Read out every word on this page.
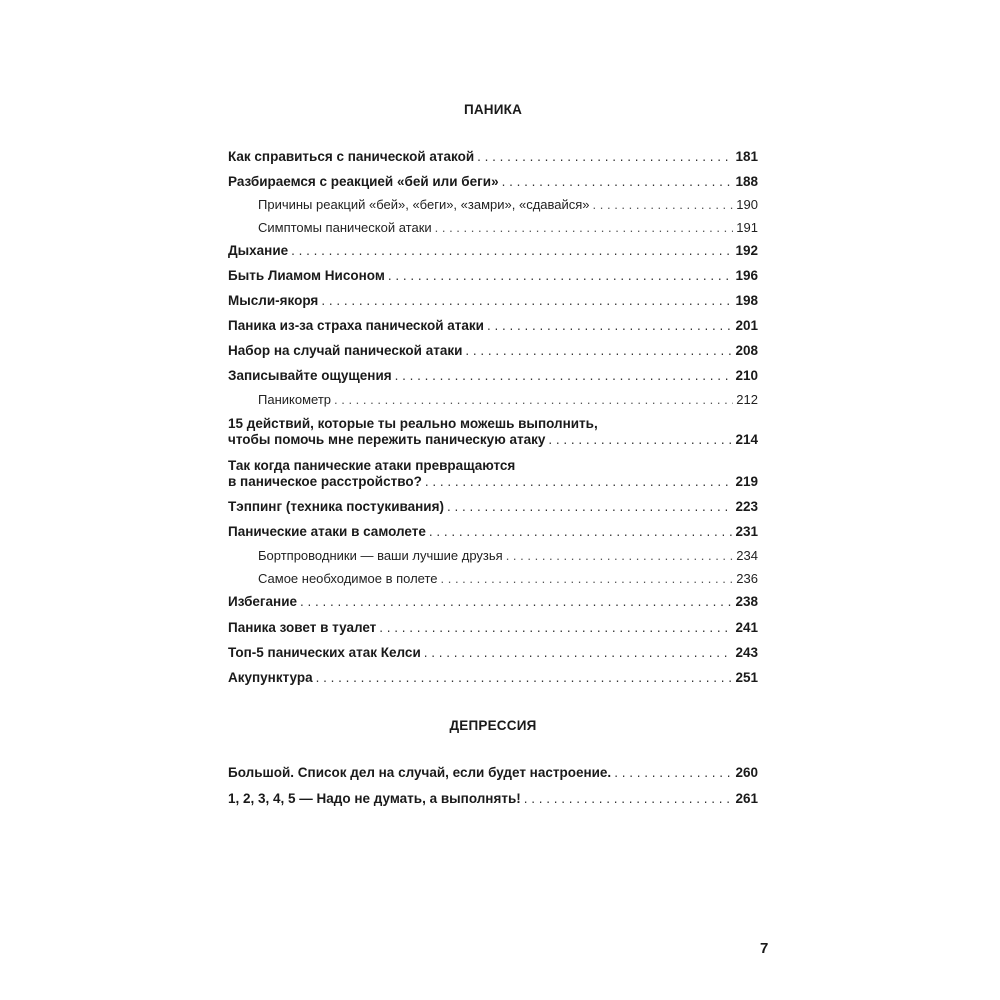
ПАНИКА
Как справиться с панической атакой . . .	181
Разбираемся с реакцией «бей или беги» . . .	188
Причины реакций «бей», «беги», «замри», «сдавайся» . . .	190
Симптомы панической атаки . . .	191
Дыхание . . .	192
Быть Лиамом Нисоном . . .	196
Мысли-якоря . . .	198
Паника из-за страха панической атаки . . .	201
Набор на случай панической атаки . . .	208
Записывайте ощущения . . .	210
Паникометр . . .	212
15 действий, которые ты реально можешь выполнить,
чтобы помочь мне пережить паническую атаку . . .	214
Так когда панические атаки превращаются
в паническое расстройство? . . .	219
Тэппинг (техника постукивания) . . .	223
Панические атаки в самолете . . .	231
Бортпроводники — ваши лучшие друзья . . .	234
Самое необходимое в полете . . .	236
Избегание . . .	238
Паника зовет в туалет . . .	241
Топ-5 панических атак Келси . . .	243
Акупунктура . . .	251
ДЕПРЕССИЯ
Большой. Список дел на случай, если будет настроение. . . .	260
1, 2, 3, 4, 5 — Надо не думать, а выполнять! . . .	261
7
